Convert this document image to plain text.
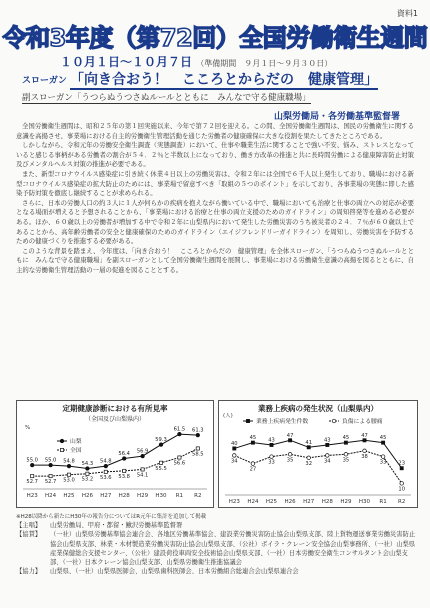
資料1
令和3年度（第72回）全国労働衛生週間
１０月１日～１０月７日 （準備期間　９月１日～９月３０日）
スローガン 「向き合おう！　こころとからだの　健康管理」
副スローガン「うつらぬうつさぬルールとともに　みんなで守る健康職場」
山梨労働局・各労働基準監督署

全国労働衛生週間は、昭和２５年の第１回実施以来、今年で第７２回を迎える。この間、全国労働衛生週間は、国民の労働衛生に関する意識を高揚させ、事業場における自主的労働衛生管理活動を通じた労働者の健康確保に大きな役割を果たしてきたところである。

しかしながら、令和元年の労働安全衛生調査（実態調査）において、仕事や職業生活に関することで強い不安、悩み、ストレスとなっていると感じる事柄がある労働者の割合が５４．２％と半数以上になっており、働き方改革の推進と共に長時間労働による健康障害防止対策及びメンタルヘルス対策の推進が必要である。

また、新型コロナウイルス感染症に引き続く休業４日以上の労働災害は、令和２年には全国で６千人以上発生しており、職場における新型コロナウイルス感染症の拡大防止のためには、事業場で留意すべき「取組の５つのポイント」を示しており、各事業場の実態に即した感染予防対策を徹底し継続することが求められる。

さらに、日本の労働人口の約３人に１人が何らかの疾病を抱えながら働いている中で、職場においても治療と仕事の両立への対応が必要となる場面が増えると予想されることから、「事業場における治療と仕事の両立支援のためのガイドライン」の周知啓発等を進める必要がある。ほか、６０歳以上の労働者が増加する中で令和２年に山梨県内において発生した労働災害のうち被災者の２４．７％が６０歳以上であることから、高年齢労働者の安全と健康確保のためのガイドライン（エイジフレンドリーガイドライン）を周知し、労働災害を予防するための健康づくりを推進する必要がある。

このような背景を踏まえ、今年度は、「向き合おう！　こころとからだの　健康管理」を全体スローガン、「うつらぬうつさぬルールとともに　みんなで守る健康職場」を副スローガンとして全国労働衛生週間を展開し、事業場における労働衛生意識の高揚を図るとともに、自主的な労働衛生管理活動の一層の促進を図ることとする。

定期健康診断における有所見率
（全国及び山梨県内）
H23 H24 H25 H26 H27 H28 H29 H30 R1 R2
55.0 55.0 54.8 54.3 54.8
56.4 56.9
59.3
61.5 61.3
52.7 52.7 53.0 53.2 53.6 53.8 54.1
55.5
56.6
58.5
山梨
全国
%
業務上疾病の発生状況（山梨県内）
H23 H24 H25 H26 H27 H28 H29 H30 R1 R2
40
45 43
47
41 43 45 47 45
23
34
27
33 35
32 34 35
38
33
10
業務上疾病発生件数	負傷による腰痛
(人)
※H28以降から新たにH30年の報告分についてはR元年に集計を追加して掲載
【主唱】	山梨労働局、甲府・都留・鰍沢労働基準監督署
【協賛】	（一社）山梨県労働基準協会連合会、各地区労働基準協会、建設業労働災害防止協会山梨県支部、陸上貨物運送事業労働災害防止協会山梨県支部、林業・木材製造業労働災害防止協会山梨県支部、（公社）ボイラ・クレーン安全協会山梨事務所、（一社）山梨県産業保健総合支援センター、（公社）建設荷役車両安全技術協会山梨県支部、（一社）日本労働安全衛生コンサルタント会山梨支部、（一社）日本クレーン協会山梨支部、山梨県労働衛生推進協議会
【協力】	山梨県、（一社）山梨県医師会、山梨県歯科医師会、日本労働組合総連合会山梨県連合会
